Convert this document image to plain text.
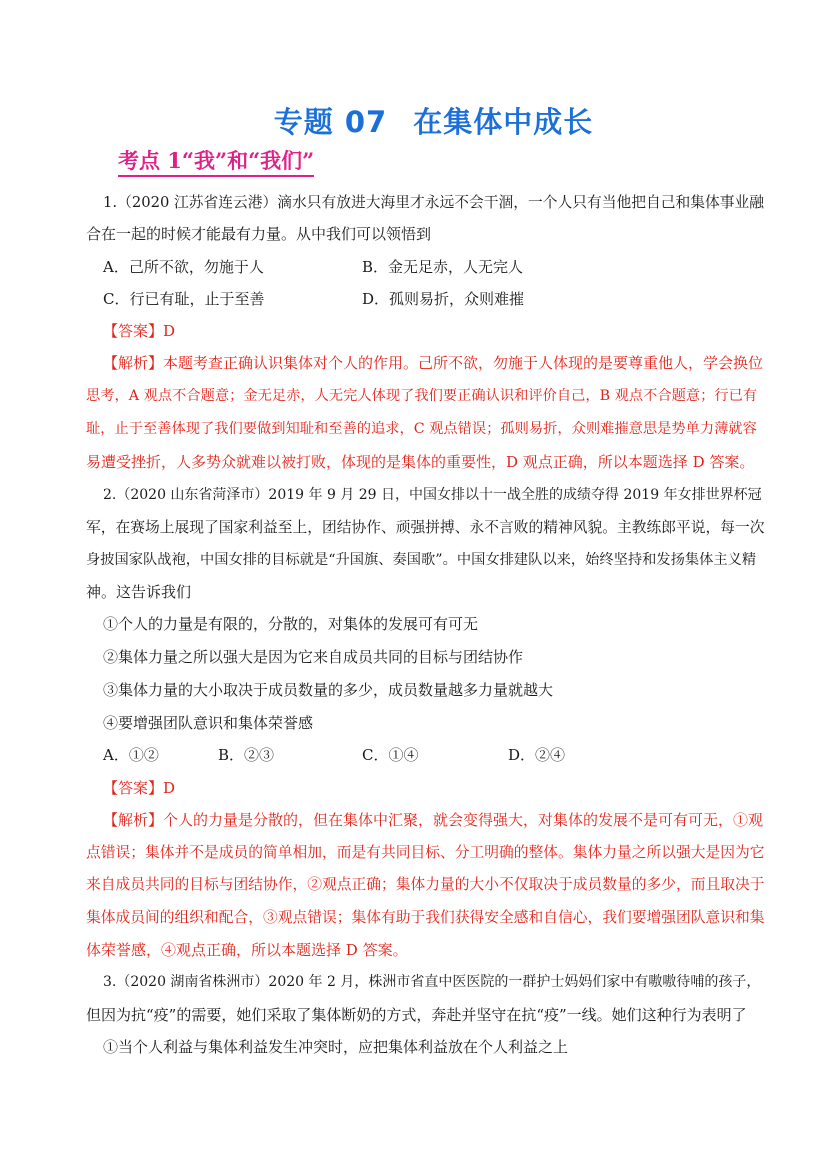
专题 07 在集体中成长
考点 1“我”和“我们”
1.（2020 江苏省连云港）滴水只有放进大海里才永远不会干涸，一个人只有当他把自己和集体事业融
合在一起的时候才能最有力量。从中我们可以领悟到
A．己所不欲，勿施于人	B．金无足赤，人无完人
C．行已有耻，止于至善	D．孤则易折，众则难摧
【答案】D
【解析】本题考查正确认识集体对个人的作用。己所不欲，勿施于人体现的是要尊重他人，学会换位
思考，A 观点不合题意；金无足赤，人无完人体现了我们要正确认识和评价自己，B 观点不合题意；行已有
耻，止于至善体现了我们要做到知耻和至善的追求，C 观点错误；孤则易折，众则难摧意思是势单力薄就容
易遭受挫折，人多势众就难以被打败，体现的是集体的重要性，D 观点正确，所以本题选择 D 答案。
2.（2020 山东省菏泽市）2019 年 9 月 29 日，中国女排以十一战全胜的成绩夺得 2019 年女排世界杯冠
军，在赛场上展现了国家利益至上，团结协作、顽强拼搏、永不言败的精神风貌。主教练郎平说，每一次
身披国家队战袍，中国女排的目标就是“升国旗、奏国歌”。中国女排建队以来，始终坚持和发扬集体主义精
神。这告诉我们
①个人的力量是有限的，分散的，对集体的发展可有可无
②集体力量之所以强大是因为它来自成员共同的目标与团结协作
③集体力量的大小取决于成员数量的多少，成员数量越多力量就越大
④要增强团队意识和集体荣誉感
A．①②	B．②③	C．①④	D．②④
【答案】D
【解析】个人的力量是分散的，但在集体中汇聚，就会变得强大，对集体的发展不是可有可无，①观
点错误；集体并不是成员的简单相加，而是有共同目标、分工明确的整体。集体力量之所以强大是因为它
来自成员共同的目标与团结协作，②观点正确；集体力量的大小不仅取决于成员数量的多少，而且取决于
集体成员间的组织和配合，③观点错误；集体有助于我们获得安全感和自信心，我们要增强团队意识和集
体荣誉感，④观点正确，所以本题选择 D 答案。
3.（2020 湖南省株洲市）2020 年 2 月，株洲市省直中医医院的一群护士妈妈们家中有嗷嗷待哺的孩子，
但因为抗“疫”的需要，她们采取了集体断奶的方式，奔赴并坚守在抗“疫”一线。她们这种行为表明了
①当个人利益与集体利益发生冲突时，应把集体利益放在个人利益之上
